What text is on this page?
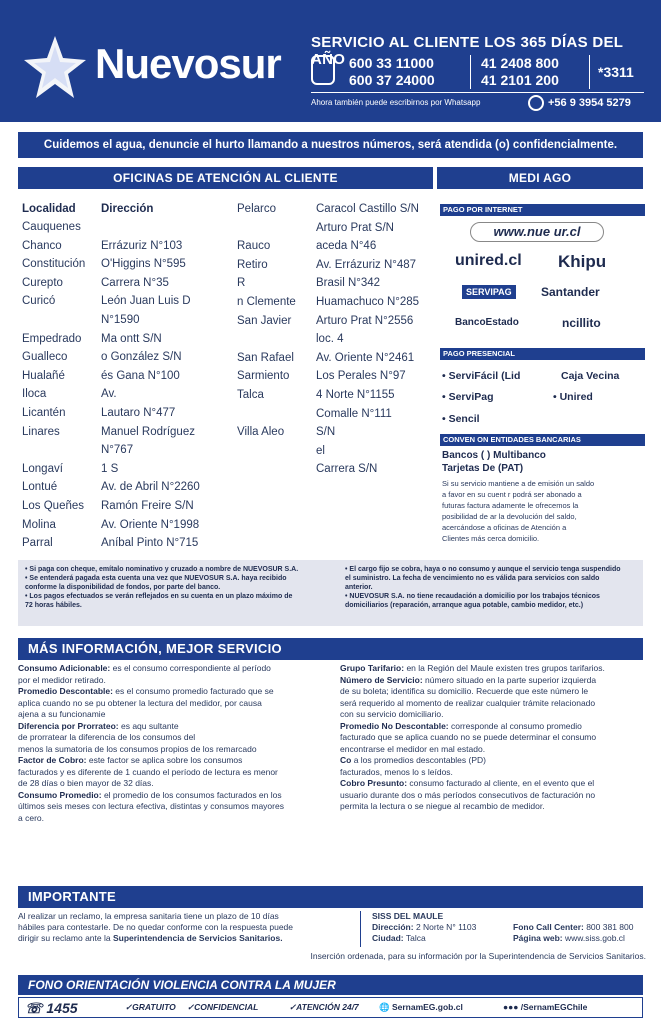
Nuevosur SERVICIO AL CLIENTE LOS 365 DÍAS DEL AÑO 600 33 11000
600 37 24000
41 2408 800
41 2101 200	*3311
Ahora también puede escribirnos por Whatsapp	+56 9 3954 5279
Cuidemos el agua, denuncie el hurto llamando a nuestros números, será atendida (o) confidencialmente.
OFICINAS DE ATENCIÓN AL CLIENTE	MEDI AGO
Localidad Dirección
Cauquenes
Chanco	Errázuriz N°103
Constitución O'Higgins N°595
Curepto	Carrera N°35
Curicó	León Juan Luis D
N°1590
Empedrado Ma ontt S/N
Gualleco	o González S/N
Hualañé	és Gana N°100
Iloca	Av.
Licantén	Lautaro N°477
Linares	Manuel Rodríguez
N°767
Longaví	1 S
Lontué	Av. de Abril N°2260
Los Queñes Ramón Freire S/N
Molina	Av. Oriente N°1998
Parral	Aníbal Pinto N°715
Pelarco	Caracol Castillo S/N
Arturo Prat S/N
Rauco	aceda N°46
Retiro	Av. Errázuriz N°487
R	Brasil N°342
n Clemente Huamachuco N°285
San Javier Arturo Prat N°2556
loc. 4
San Rafael Av. Oriente N°2461
Sarmiento Los Perales N°97
Talca	4 Norte N°1155
Comalle N°111
Villa Aleo	S/N
el
Carrera S/N
PAGO POR INTERNET
www.nue ur.cl
unired.cl Khipu
SERVIPAG	Santander
BancoEstado	ncillito
PAGO PRESENCIAL
• ServiFácil (Lid	Caja Vecina
• ServiPag	• Unired
• Sencil
CONVEN ON ENTIDADES BANCARIAS
Bancos ( ) Multibanco
Tarjetas De (PAT)
Si su servicio mantiene a de emisión un saldo
a favor en su cuent r podrá ser abonado a
futuras factura adamente le ofrecemos la
posibilidad de ar la devolución del saldo,
acercándose a oficinas de Atención a
Clientes más cerca domicilio.
• Si paga con cheque, emítalo nominativo y cruzado a nombre de NUEVOSUR S.A.
• Se entenderá pagada esta cuenta una vez que NUEVOSUR S.A. haya recibido
conforme la disponibilidad de fondos, por parte del banco.
• Los pagos efectuados se verán reflejados en su cuenta en un plazo máximo de
72 horas hábiles.
• El cargo fijo se cobra, haya o no consumo y aunque el servicio tenga suspendido
el suministro. La fecha de vencimiento no es válida para servicios con saldo
anterior.
• NUEVOSUR S.A. no tiene recaudación a domicilio por los trabajos técnicos
domiciliarios (reparación, arranque agua potable, cambio medidor, etc.)
MÁS INFORMACIÓN, MEJOR SERVICIO
Consumo Adicionable: es el consumo correspondiente al período
por el medidor retirado.
Promedio Descontable: es el consumo promedio facturado que se
aplica cuando no se pu obtener la lectura del medidor, por causa
ajena a su funcionamie
Diferencia por Prorrateo: es aqu sultante
de prorratear la diferencia de los consumos del
menos la sumatoria de los consumos propios de los remarcado
Factor de Cobro: este factor se aplica sobre los consumos
facturados y es diferente de 1 cuando el período de lectura es menor
de 28 días o bien mayor de 32 días.
Consumo Promedio: el promedio de los consumos facturados en los
últimos seis meses con lectura efectiva, distintas y consumos mayores
a cero.
Grupo Tarifario: en la Región del Maule existen tres grupos tarifarios.
Número de Servicio: número situado en la parte superior izquierda
de su boleta; identifica su domicilio. Recuerde que este número le
será requerido al momento de realizar cualquier trámite relacionado
con su servicio domiciliario.
Promedio No Descontable: corresponde al consumo promedio
facturado que se aplica cuando no se puede determinar el consumo
encontrarse el medidor en mal estado.
Co a los promedios descontables (PD)
facturados, menos lo s leídos.
Cobro Presunto: consumo facturado al cliente, en el evento que el
usuario durante dos o más períodos consecutivos de facturación no
permita la lectura o se niegue al recambio de medidor.
IMPORTANTE
Al realizar un reclamo, la empresa sanitaria tiene un plazo de 10 días
hábiles para contestarle. De no quedar conforme con la respuesta puede
dirigir su reclamo ante la Superintendencia de Servicios Sanitarios.
SISS DEL MAULE
Dirección: 2 Norte N° 1103
Ciudad: Talca
Fono Call Center: 800 381 800
Página web: www.siss.gob.cl
Inserción ordenada, para su información por la Superintendencia de Servicios Sanitarios.
FONO ORIENTACIÓN VIOLENCIA CONTRA LA MUJER
☏ 1455	✓GRATUITO ✓CONFIDENCIAL	✓ATENCIÓN 24/7 🌐 SernamEG.gob.cl	●●● /SernamEGChile
